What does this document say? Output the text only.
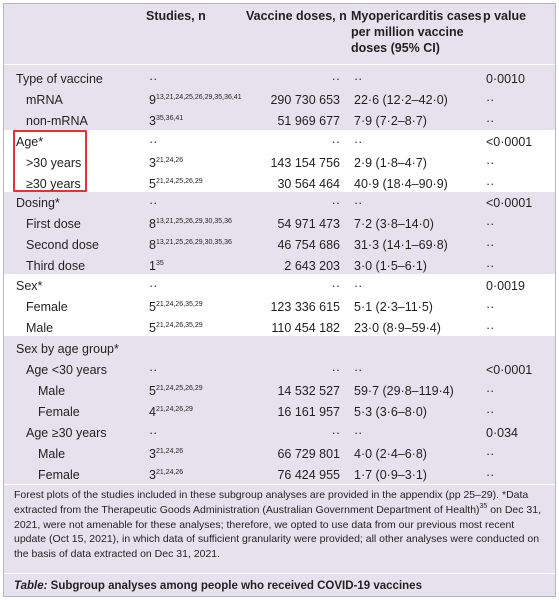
Studies, n	Vaccine doses, n Myopericarditis cases
per million vaccine
doses (95% CI)
p value
Type of vaccine	··	·· ··	0·0010
mRNA	9$^{13,21,24,25,26,29,35,36,41}$	290 730 653 22·6 (12·2–42·0)	··
non-mRNA	3$^{35,36,41}$	51 969 677 7·9 (7·2–8·7)	··
Age*	··	·· ··	<0·0001
>30 years	3$^{21,24,26}$	143 154 756 2·9 (1·8–4·7)	··
≥30 years	5$^{21,24,25,26,29}$	30 564 464 40·9 (18·4–90·9)	··
Dosing*	··	·· ··	<0·0001
First dose	8$^{13,21,25,26,29,30,35,36}$	54 971 473 7·2 (3·8–14·0)	··
Second dose	8$^{13,21,25,26,29,30,35,36}$	46 754 686 31·3 (14·1–69·8)	··
Third dose	$1^{35}$	2 643 203 3·0 (1·5–6·1)	··
Sex*	··	·· ··	0·0019
Female	5$^{21,24,26,35,29}$	123 336 615 5·1 (2·3–11·5)	··
Male	5$^{21,24,26,35,29}$	110 454 182 23·0 (8·9–59·4)	··
Sex by age group*
Age <30 years	··	·· ··	<0·0001
Male	5$^{21,24,25,26,29}$	14 532 527 59·7 (29·8–119·4)	··
Female	4$^{21,24,26,29}$	16 161 957 5·3 (3·6–8·0)	··
Age ≥30 years	··	·· ··	0·034
Male	3$^{21,24,26}$	66 729 801 4·0 (2·4–6·8)	··
Female	3$^{21,24,26}$	76 424 955 1·7 (0·9–3·1)	··
Forest plots of the studies included in these subgroup analyses are provided in the appendix (pp 25–29). *Data extracted from the Therapeutic Goods Administration (Australian Government Department of Health)$^{35}$ on Dec 31, 2021, were not amenable for these analyses; therefore, we opted to use data from our previous most recent update (Oct 15, 2021), in which data of sufficient granularity were provided; all other analyses were conducted on the basis of data extracted on Dec 31, 2021.
Table: Subgroup analyses among people who received COVID-19 vaccines
